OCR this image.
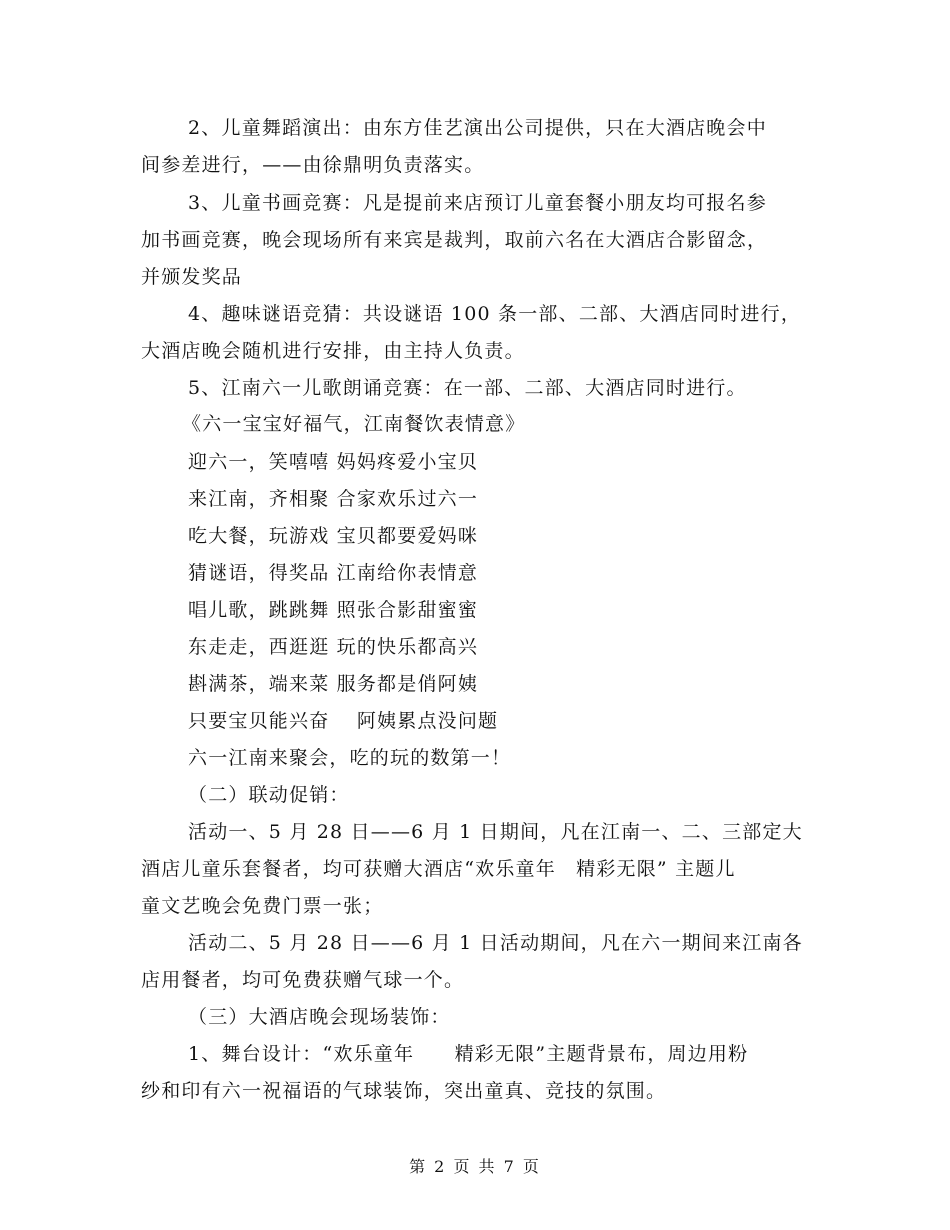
2、儿童舞蹈演出：由东方佳艺演出公司提供，只在大酒店晚会中
间参差进行，——由徐鼎明负责落实。
3、儿童书画竞赛：凡是提前来店预订儿童套餐小朋友均可报名参
加书画竞赛，晚会现场所有来宾是裁判，取前六名在大酒店合影留念，
并颁发奖品
4、趣味谜语竞猜：共设谜语 100 条一部、二部、大酒店同时进行，
大酒店晚会随机进行安排，由主持人负责。
5、江南六一儿歌朗诵竞赛：在一部、二部、大酒店同时进行。
《六一宝宝好福气，江南餐饮表情意》
迎六一，笑嘻嘻 妈妈疼爱小宝贝
来江南，齐相聚 合家欢乐过六一
吃大餐，玩游戏 宝贝都要爱妈咪
猜谜语，得奖品 江南给你表情意
唱儿歌，跳跳舞 照张合影甜蜜蜜
东走走，西逛逛 玩的快乐都高兴
斟满茶，端来菜 服务都是俏阿姨
只要宝贝能兴奋　 阿姨累点没问题
六一江南来聚会，吃的玩的数第一！
（二）联动促销：
活动一、5 月 28 日——6 月 1 日期间，凡在江南一、二、三部定大
酒店儿童乐套餐者，均可获赠大酒店“欢乐童年　精彩无限” 主题儿
童文艺晚会免费门票一张；
活动二、5 月 28 日——6 月 1 日活动期间，凡在六一期间来江南各
店用餐者，均可免费获赠气球一个。
（三）大酒店晚会现场装饰：
1、舞台设计：“欢乐童年　　精彩无限”主题背景布，周边用粉
纱和印有六一祝福语的气球装饰，突出童真、竞技的氛围。
第 2 页 共 7 页
